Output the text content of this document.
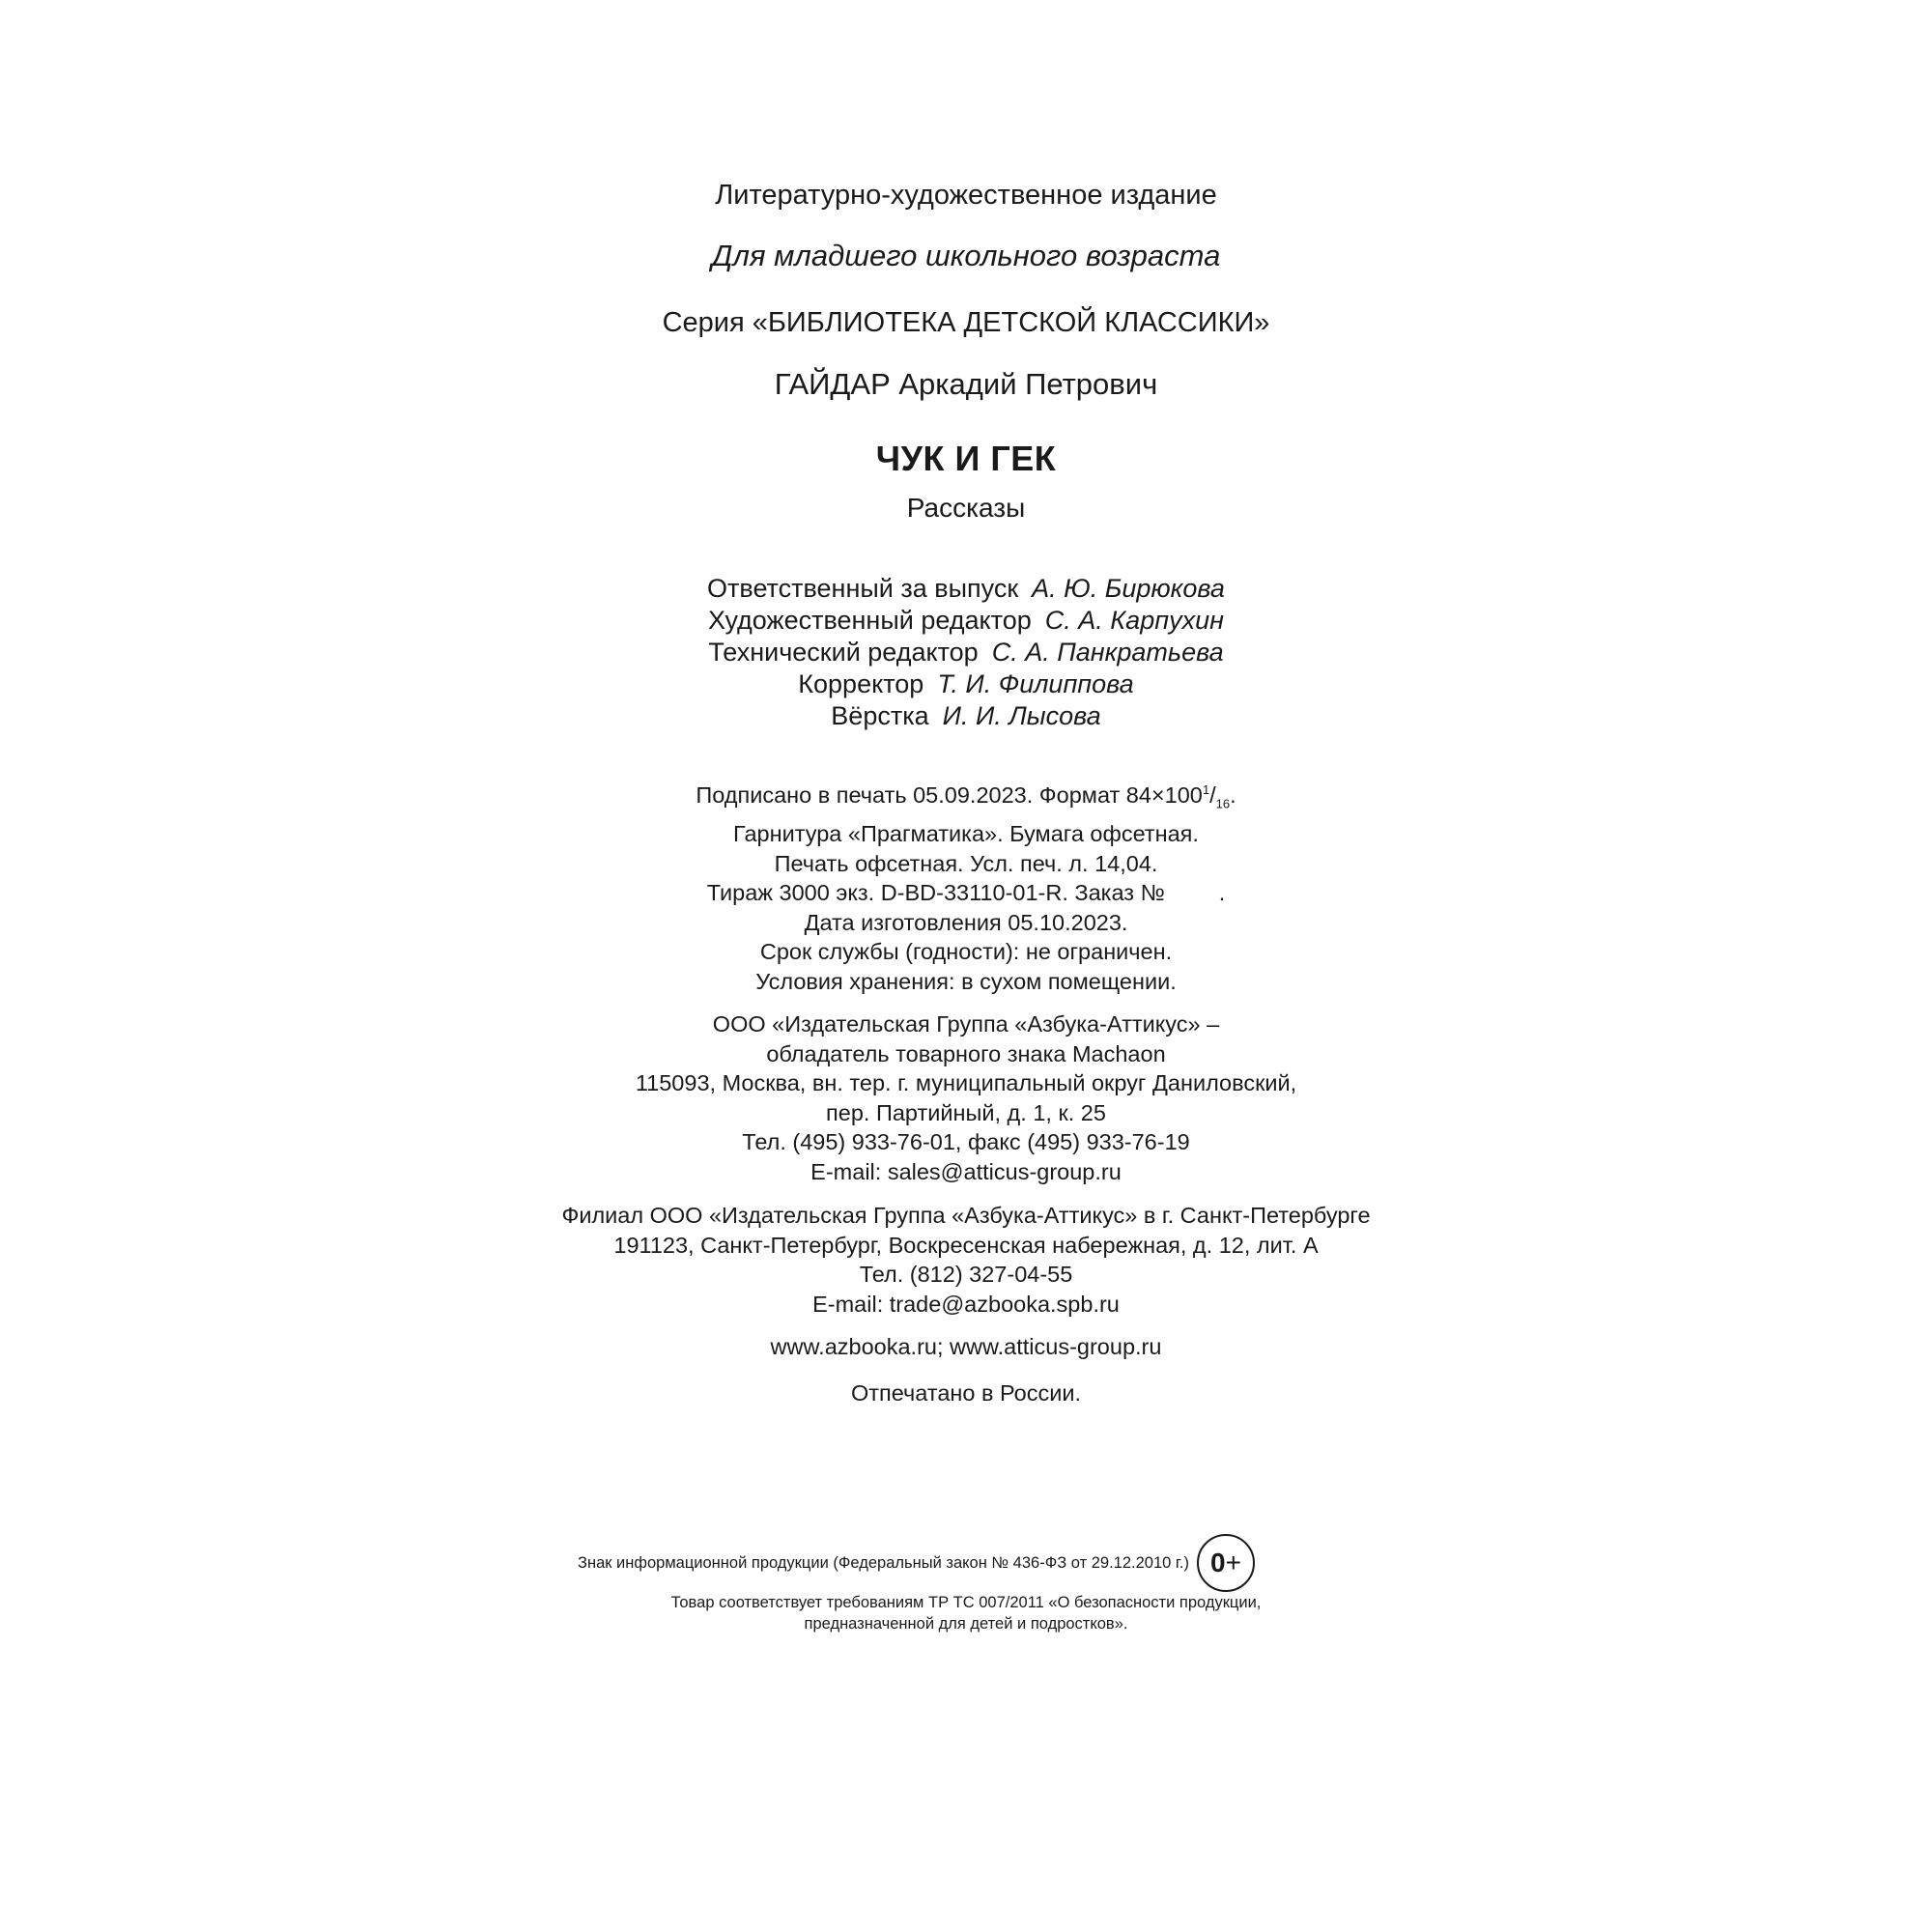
Литературно-художественное издание
Для младшего школьного возраста
Серия «БИБЛИОТЕКА ДЕТСКОЙ КЛАССИКИ»
ГАЙДАР Аркадий Петрович
ЧУК И ГЕК
Рассказы
Ответственный за выпуск А. Ю. Бирюкова
Художественный редактор С. А. Карпухин
Технический редактор С. А. Панкратьева
Корректор Т. И. Филиппова
Вёрстка И. И. Лысова
Подписано в печать 05.09.2023. Формат $84\times 100^1/_{16}$.
Гарнитура «Прагматика». Бумага офсетная.
Печать офсетная. Усл. печ. л. 14,04.
Тираж 3000 экз. D-BD-33110-01-R. Заказ № .
Дата изготовления 05.10.2023.
Срок службы (годности): не ограничен.
Условия хранения: в сухом помещении.
ООО «Издательская Группа «Азбука-Аттикус» –
обладатель товарного знака Machaon
115093, Москва, вн. тер. г. муниципальный округ Даниловский,
пер. Партийный, д. 1, к. 25
Тел. (495) 933-76-01, факс (495) 933-76-19
E-mail: sales@atticus-group.ru
Филиал ООО «Издательская Группа «Азбука-Аттикус» в г. Санкт-Петербурге
191123, Санкт-Петербург, Воскресенская набережная, д. 12, лит. А
Тел. (812) 327-04-55
E-mail: trade@azbooka.spb.ru
www.azbooka.ru; www.atticus-group.ru
Отпечатано в России.
Знак информационной продукции (Федеральный закон № 436-ФЗ от 29.12.2010 г.) 0 +
Товар соответствует требованиям ТР ТС 007/2011 «О безопасности продукции,
предназначенной для детей и подростков».
